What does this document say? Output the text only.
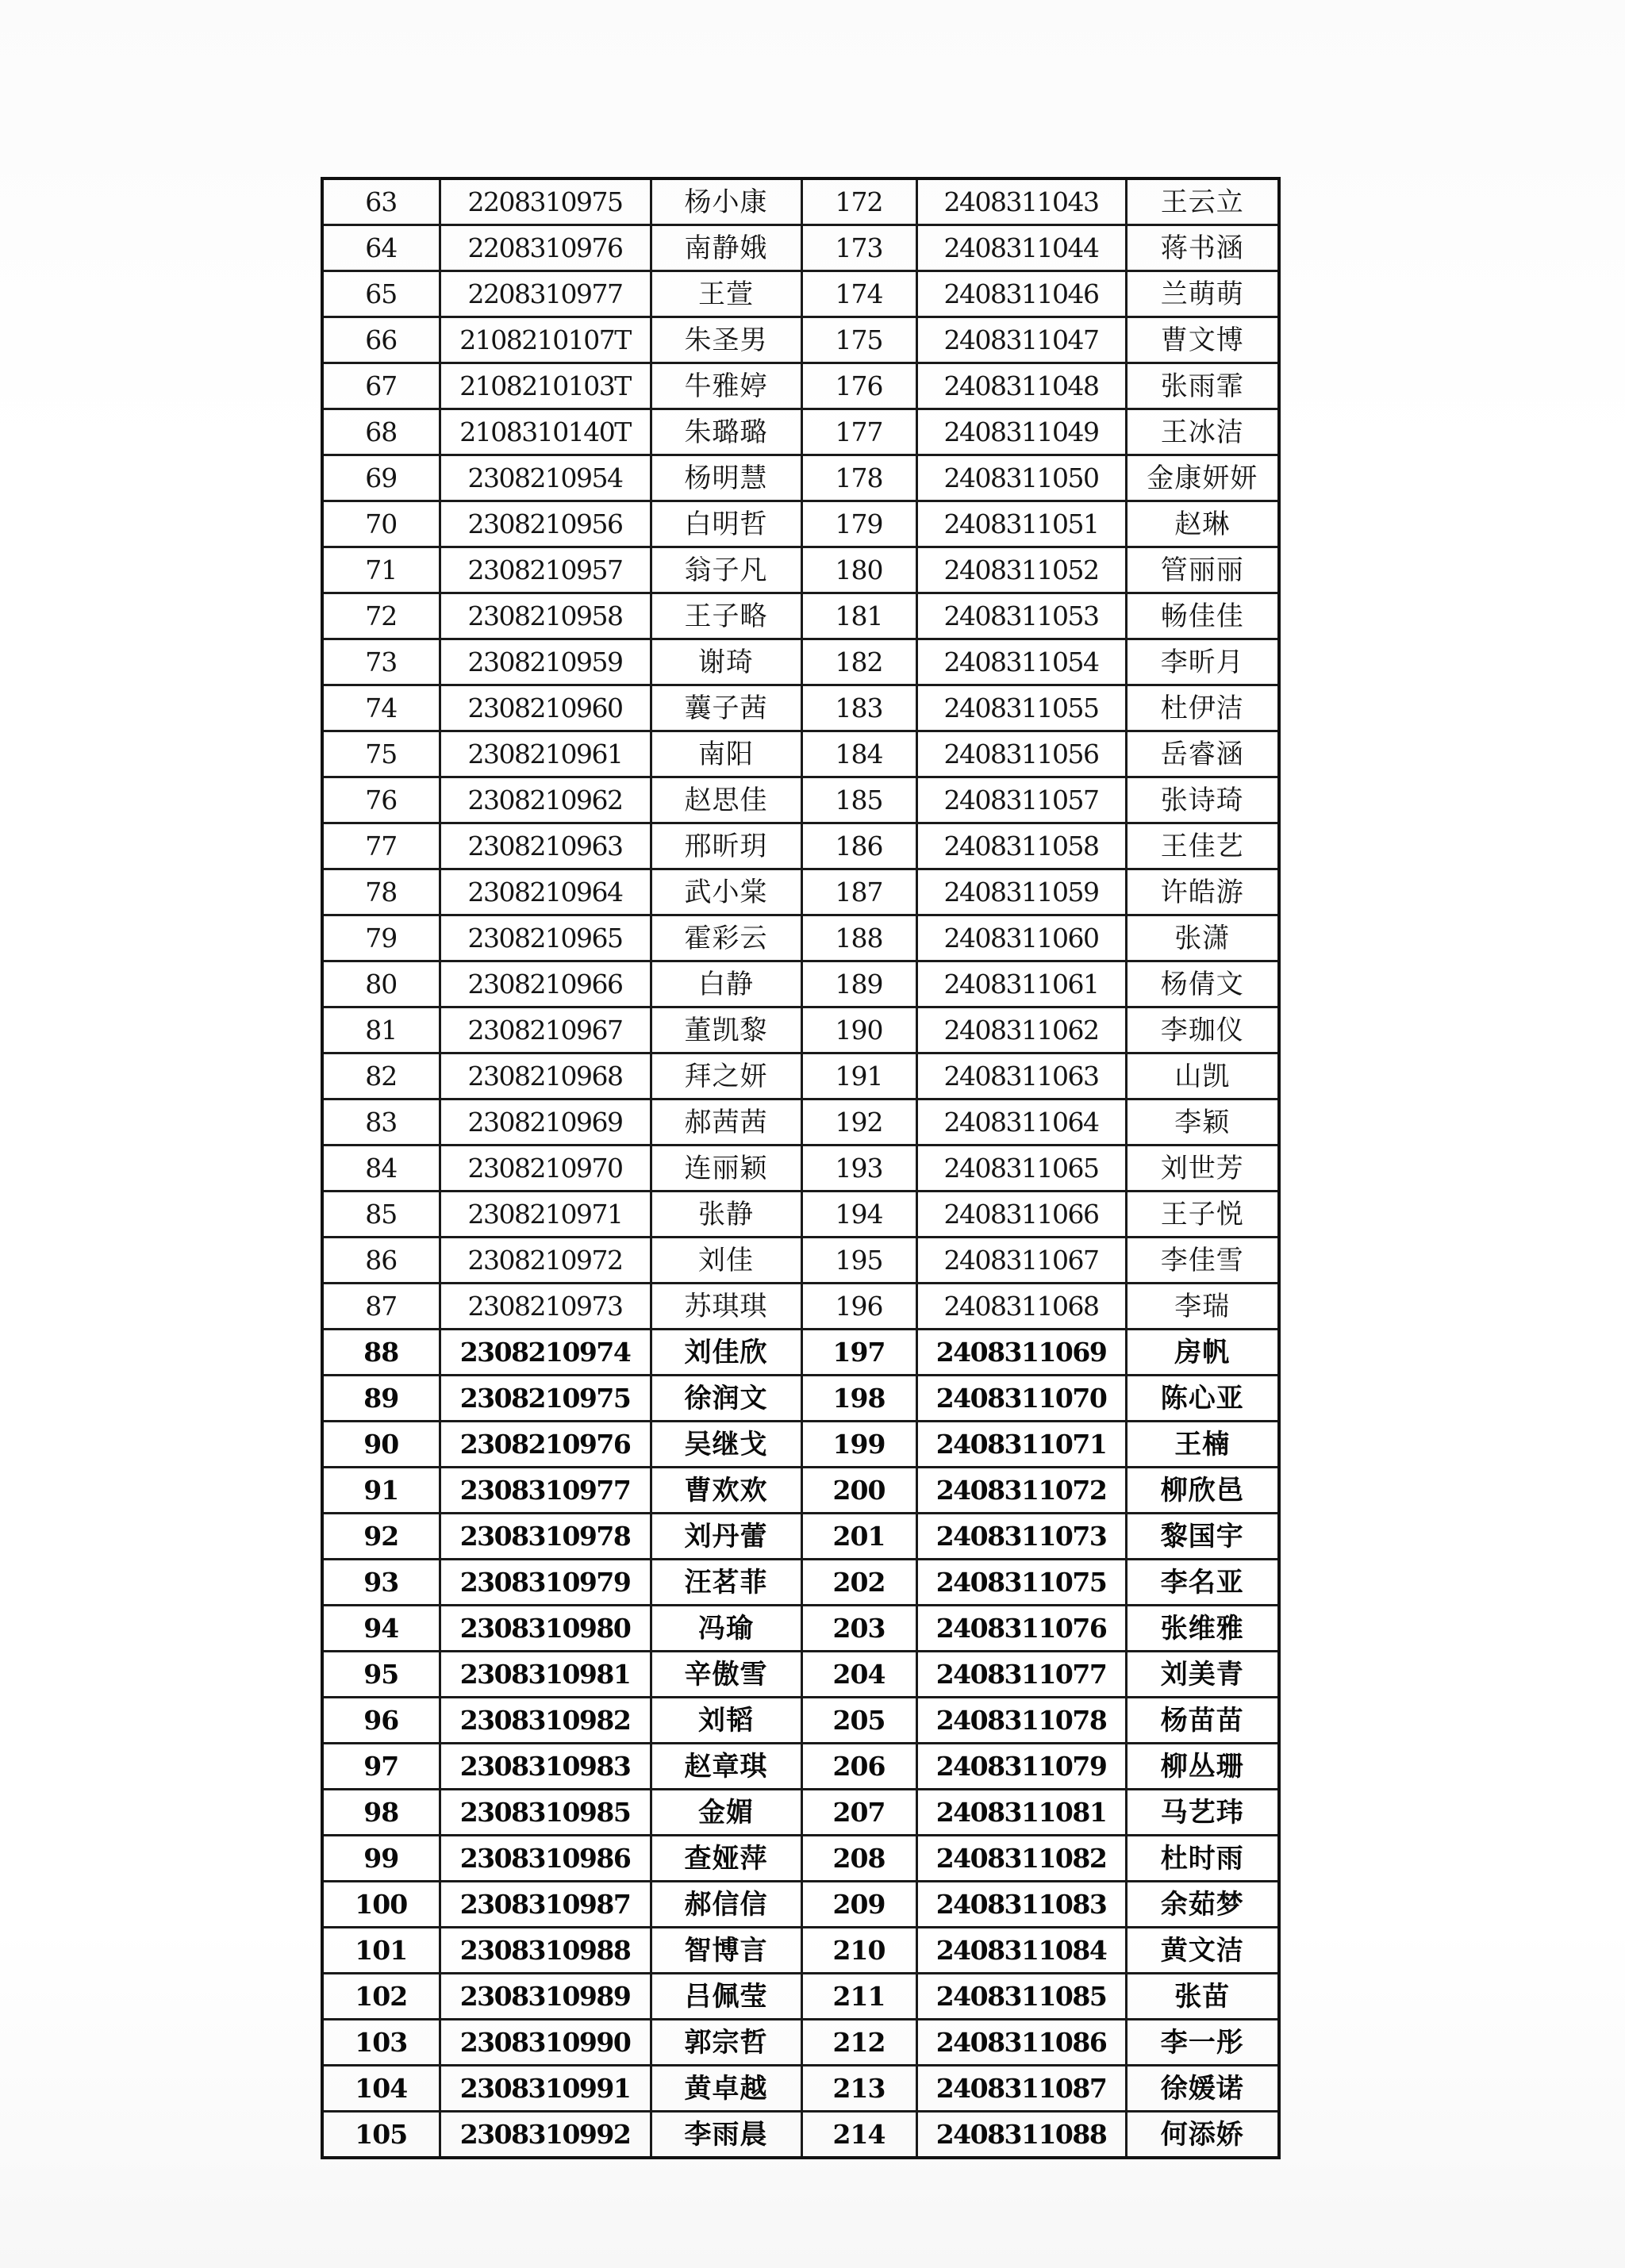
63	2208310975	杨小康	172	2408311043	王云立
64	2208310976	南静娥	173	2408311044	蒋书涵
65	2208310977	王萱	174	2408311046	兰萌萌
66	2108210107T	朱圣男	175	2408311047	曹文博
67	2108210103T	牛雅婷	176	2408311048	张雨霏
68	2108310140T	朱璐璐	177	2408311049	王冰洁
69	2308210954	杨明慧	178	2408311050	金康妍妍
70	2308210956	白明哲	179	2408311051	赵琳
71	2308210957	翁子凡	180	2408311052	管丽丽
72	2308210958	王子略	181	2408311053	畅佳佳
73	2308210959	谢琦	182	2408311054	李昕月
74	2308210960	蘘子茜	183	2408311055	杜伊洁
75	2308210961	南阳	184	2408311056	岳睿涵
76	2308210962	赵思佳	185	2408311057	张诗琦
77	2308210963	邢昕玥	186	2408311058	王佳艺
78	2308210964	武小棠	187	2408311059	许皓游
79	2308210965	霍彩云	188	2408311060	张潇
80	2308210966	白静	189	2408311061	杨倩文
81	2308210967	董凯黎	190	2408311062	李珈仪
82	2308210968	拜之妍	191	2408311063	山凯
83	2308210969	郝茜茜	192	2408311064	李颖
84	2308210970	连丽颖	193	2408311065	刘世芳
85	2308210971	张静	194	2408311066	王子悦
86	2308210972	刘佳	195	2408311067	李佳雪
87	2308210973	苏琪琪	196	2408311068	李瑞
88	2308210974	刘佳欣	197	2408311069	房帆
89	2308210975	徐润文	198	2408311070	陈心亚
90	2308210976	吴继戈	199	2408311071	王楠
91	2308310977	曹欢欢	200	2408311072	柳欣邑
92	2308310978	刘丹蕾	201	2408311073	黎国宇
93	2308310979	汪茗菲	202	2408311075	李名亚
94	2308310980	冯瑜	203	2408311076	张维雅
95	2308310981	辛傲雪	204	2408311077	刘美青
96	2308310982	刘韬	205	2408311078	杨苗苗
97	2308310983	赵章琪	206	2408311079	柳丛珊
98	2308310985	金媚	207	2408311081	马艺玮
99	2308310986	查娅萍	208	2408311082	杜时雨
100	2308310987	郝信信	209	2408311083	余茹梦
101	2308310988	智博言	210	2408311084	黄文洁
102	2308310989	吕佩莹	211	2408311085	张苗
103	2308310990	郭宗哲	212	2408311086	李一彤
104	2308310991	黄卓越	213	2408311087	徐媛诺
105	2308310992	李雨晨	214	2408311088	何添娇
